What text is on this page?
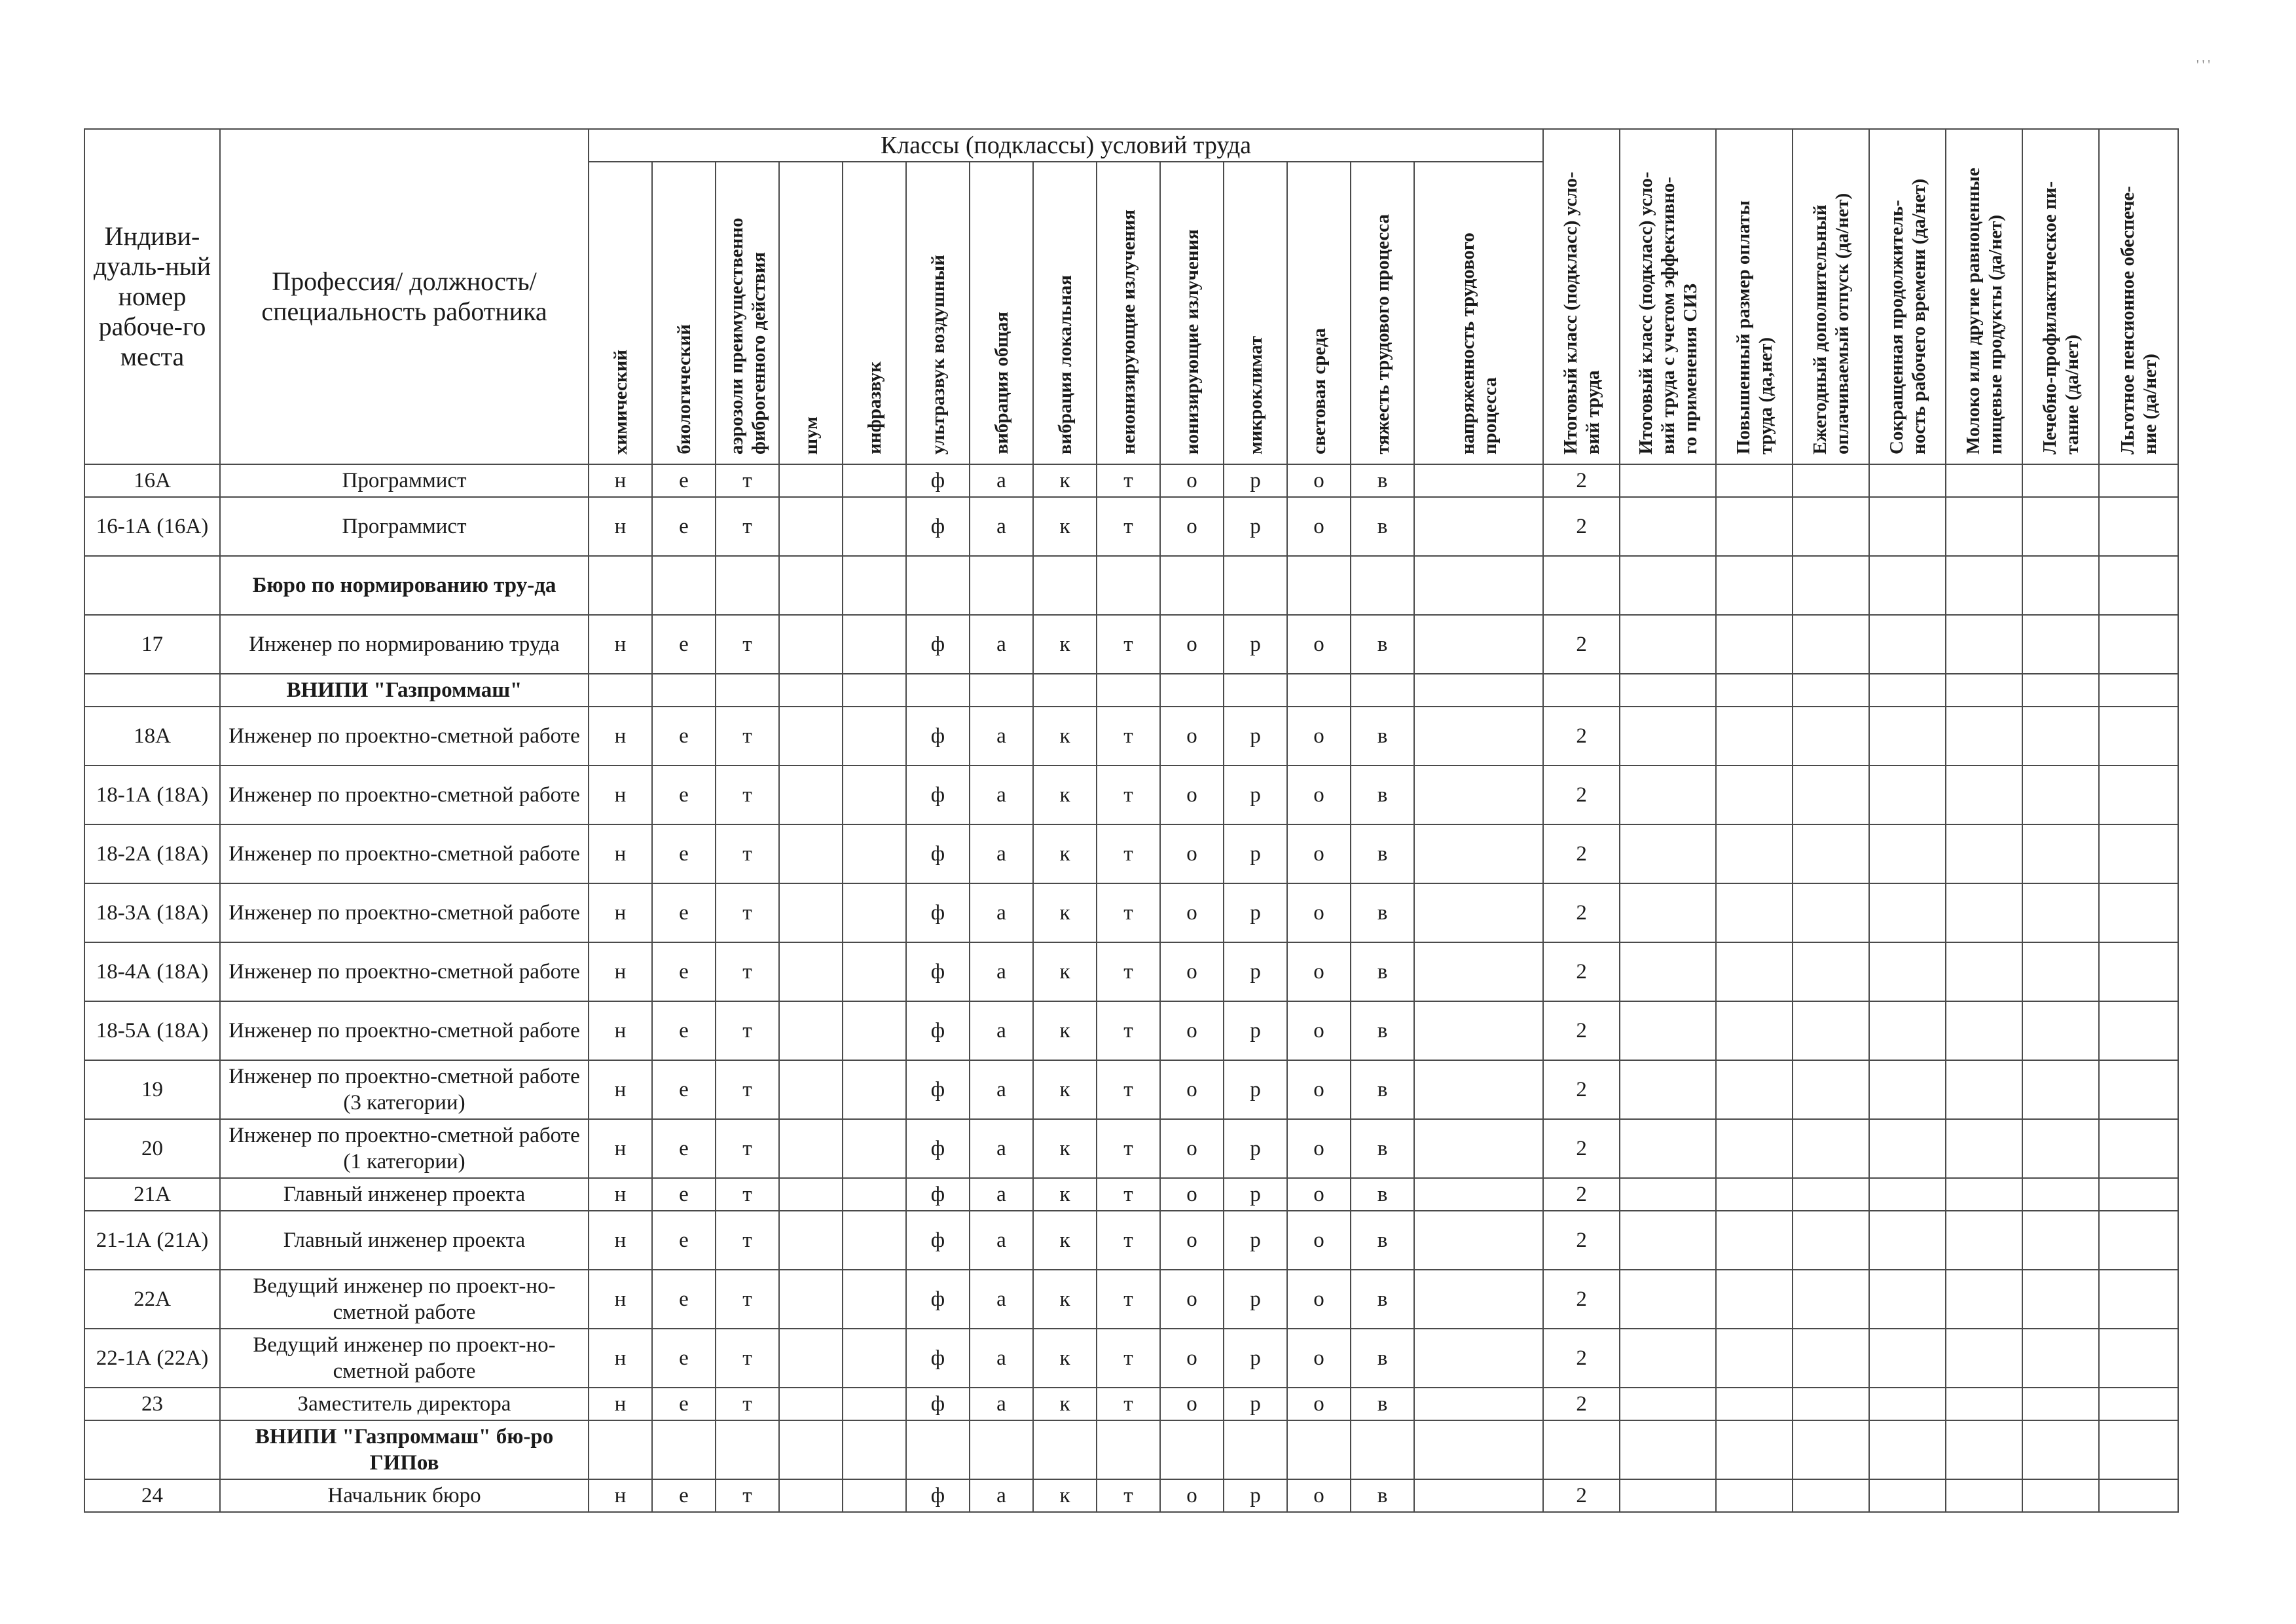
Индиви-дуаль-ный номер рабоче-го места	Профессия/ должность/ специальность работника	Классы (подклассы) условий труда														Итоговый класс (подкласс) усло-вий труда	Итоговый класс (подкласс) усло-вий труда с учетом эффективно-го применения СИЗ	Повышенный размер оплаты труда (да,нет)	Ежегодный дополнительный оплачиваемый отпуск (да/нет)	Сокращенная продолжитель-ность рабочего времени (да/нет)	Молоко или другие равноценные пищевые продукты (да/нет)	Лечебно-профилактическое пи-тание (да/нет)	Льготное пенсионное обеспече-ние (да/нет)

		химический	биологический	аэрозоли преимущественно фиброгенного действия	шум	инфразвук	ультразвук воздушный	вибрация общая	вибрация локальная	неионизирующие излучения	ионизирующие излучения	микроклимат	световая среда	тяжесть трудового процесса	напряженность трудового процесса								

16А	Программист	н	е	т			ф	а	к	т	о	р	о	в		2							
16-1А (16А)	Программист	н	е	т			ф	а	к	т	о	р	о	в		2							
	Бюро по нормированию тру-да																						
17	Инженер по нормированию труда	н	е	т			ф	а	к	т	о	р	о	в		2							
	ВНИПИ "Газпроммаш"																						
18А	Инженер по проектно-сметной работе	н	е	т			ф	а	к	т	о	р	о	в		2							
18-1А (18А)	Инженер по проектно-сметной работе	н	е	т			ф	а	к	т	о	р	о	в		2							
18-2А (18А)	Инженер по проектно-сметной работе	н	е	т			ф	а	к	т	о	р	о	в		2							
18-3А (18А)	Инженер по проектно-сметной работе	н	е	т			ф	а	к	т	о	р	о	в		2							
18-4А (18А)	Инженер по проектно-сметной работе	н	е	т			ф	а	к	т	о	р	о	в		2							
18-5А (18А)	Инженер по проектно-сметной работе	н	е	т			ф	а	к	т	о	р	о	в		2							
19	Инженер по проектно-сметной работе (3 категории)	н	е	т			ф	а	к	т	о	р	о	в		2							
20	Инженер по проектно-сметной работе (1 категории)	н	е	т			ф	а	к	т	о	р	о	в		2							
21А	Главный инженер проекта	н	е	т			ф	а	к	т	о	р	о	в		2							
21-1А (21А)	Главный инженер проекта	н	е	т			ф	а	к	т	о	р	о	в		2							
22А	Ведущий инженер по проект-но-сметной работе	н	е	т			ф	а	к	т	о	р	о	в		2							
22-1А (22А)	Ведущий инженер по проект-но-сметной работе	н	е	т			ф	а	к	т	о	р	о	в		2							
23	Заместитель директора	н	е	т			ф	а	к	т	о	р	о	в		2							
	ВНИПИ "Газпроммаш" бю-ро ГИПов																						
24	Начальник бюро	н	е	т			ф	а	к	т	о	р	о	в		2							
' ' '
